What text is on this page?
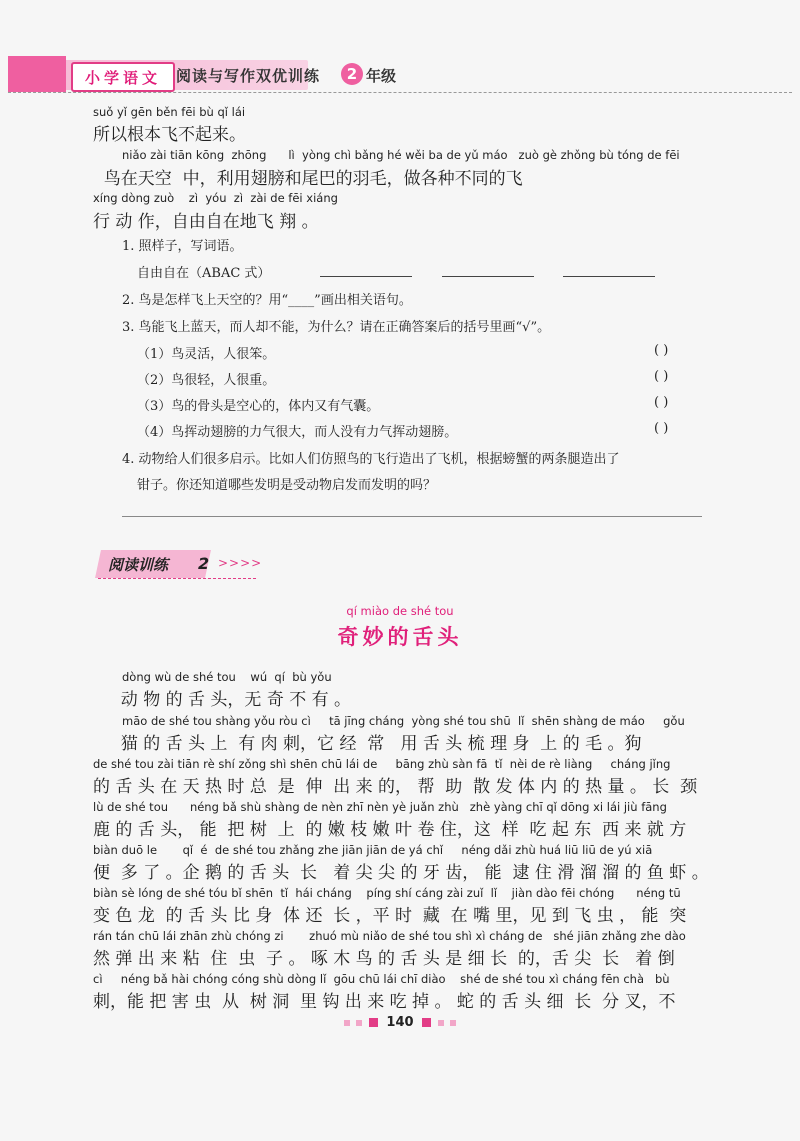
小学语文	阅读与写作双优训练	2 年级
suǒ yǐ gēn běn fēi bù qǐ lái
所以根本飞不起来。
niǎo zài tiān kōng  zhōng      lì  yòng chì bǎng hé wěi ba de yǔ máo   zuò gè zhǒng bù tóng de fēi
鸟在天空  中，利用翅膀和尾巴的羽毛，做各种不同的飞
xíng dòng zuò    zì  yóu  zì  zài de fēi xiáng
行 动 作，自由自在地飞 翔 。
1. 照样子，写词语。
自由自在（ABAC 式）
2. 鸟是怎样飞上天空的？用“____”画出相关语句。
3. 鸟能飞上蓝天，而人却不能，为什么？请在正确答案后的括号里画“√”。
（1）鸟灵活，人很笨。	( )
（2）鸟很轻，人很重。	( )
（3）鸟的骨头是空心的，体内又有气囊。	( )
（4）鸟挥动翅膀的力气很大，而人没有力气挥动翅膀。	( )
4. 动物给人们很多启示。比如人们仿照鸟的飞行造出了飞机，根据螃蟹的两条腿造出了
钳子。你还知道哪些发明是受动物启发而发明的吗？
阅读训练 2 >>>>
qí miào de shé tou
奇妙的舌头
dòng wù de shé tou    wú  qí  bù yǒu
动 物 的 舌 头，无 奇 不 有 。
māo de shé tou shàng yǒu ròu cì     tā jīng cháng  yòng shé tou shū  lǐ  shēn shàng de máo     gǒu
猫 的 舌 头 上  有 肉 刺，它 经  常   用 舌 头 梳 理 身  上 的 毛 。狗
de shé tou zài tiān rè shí zǒng shì shēn chū lái de     bāng zhù sàn fā  tǐ  nèi de rè liàng     cháng jǐng
的 舌 头 在 天 热 时 总  是  伸  出 来 的， 帮  助  散 发 体 内 的 热 量 。 长  颈
lù de shé tou      néng bǎ shù shàng de nèn zhī nèn yè juǎn zhù   zhè yàng chī qǐ dōng xi lái jiù fāng
鹿 的 舌 头， 能  把 树  上  的 嫩 枝 嫩 叶 卷 住，这  样  吃 起 东  西 来 就 方
biàn duō le       qǐ  é  de shé tou zhǎng zhe jiān jiān de yá chǐ     néng dǎi zhù huá liū liū de yú xiā
便  多 了 。企 鹅 的 舌 头  长   着 尖 尖 的 牙 齿， 能  逮 住 滑 溜 溜 的 鱼 虾 。
biàn sè lóng de shé tóu bǐ shēn  tǐ  hái cháng    píng shí cáng zài zuǐ  lǐ    jiàn dào fēi chóng      néng tū
变 色 龙  的 舌 头 比 身  体 还  长 ，平 时  藏  在 嘴 里，见 到 飞 虫 ， 能  突
rán tán chū lái zhān zhù chóng zi       zhuó mù niǎo de shé tou shì xì cháng de   shé jiān zhǎng zhe dào
然 弹 出 来 粘  住  虫  子 。 啄 木 鸟 的 舌 头 是 细 长  的，舌 尖  长   着 倒
cì     néng bǎ hài chóng cóng shù dòng lǐ  gōu chū lái chī diào    shé de shé tou xì cháng fēn chà   bù
刺，能 把 害 虫  从  树 洞  里 钩 出 来 吃 掉 。 蛇 的 舌 头 细  长  分 叉，不
140
